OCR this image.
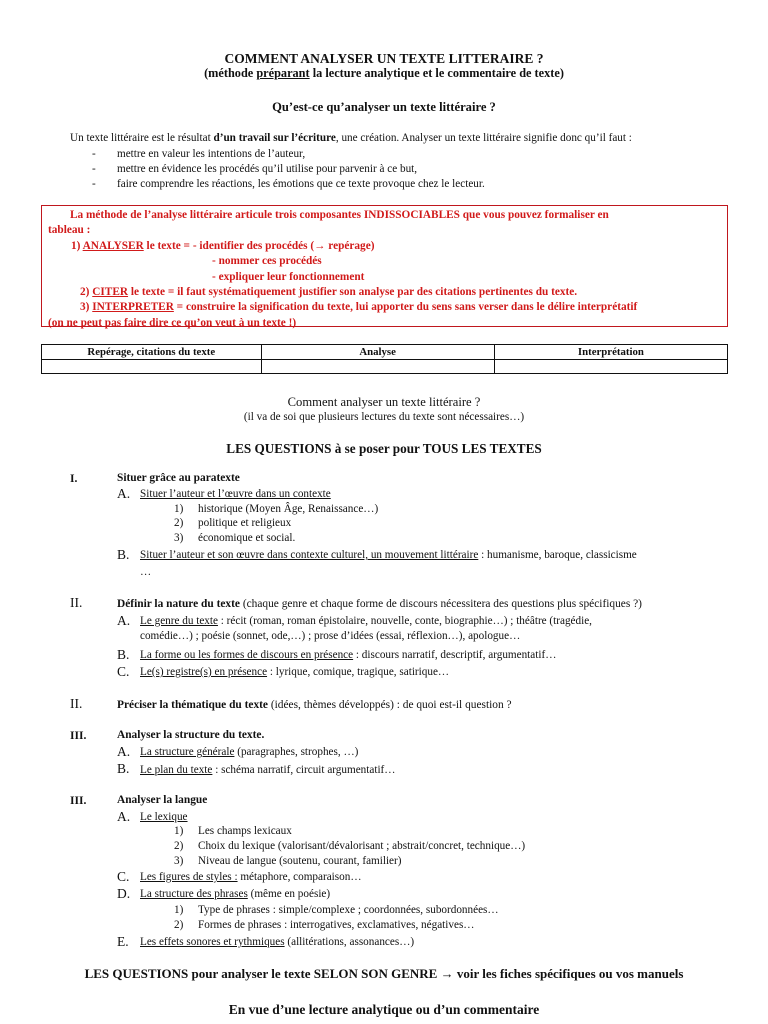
COMMENT ANALYSER UN TEXTE LITTERAIRE ?
(méthode préparant la lecture analytique et le commentaire de texte)
Qu’est-ce qu’analyser un texte littéraire ?
Un texte littéraire est le résultat d’un travail sur l’écriture, une création. Analyser un texte littéraire signifie donc qu’il faut :
- mettre en valeur les intentions de l’auteur,
- mettre en évidence les procédés qu’il utilise pour parvenir à ce but,
- faire comprendre les réactions, les émotions que ce texte provoque chez le lecteur.

La méthode de l’analyse littéraire articule trois composantes INDISSOCIABLES que vous pouvez formaliser en

tableau :

1) ANALYSER le texte = - identifier des procédés (→ repérage)

- nommer ces procédés

- expliquer leur fonctionnement

2) CITER le texte = il faut systématiquement justifier son analyse par des citations pertinentes du texte.

3) INTERPRETER = construire la signification du texte, lui apporter du sens sans verser dans le délire interprétatif

(on ne peut pas faire dire ce qu’on veut à un texte !)

Repérage, citations du texte	Analyse	Interprétation

Comment analyser un texte littéraire ?
(il va de soi que plusieurs lectures du texte sont nécessaires…)
LES QUESTIONS à se poser pour TOUS LES TEXTES
I.	Situer grâce au paratexte
A. Situer l’auteur et l’œuvre dans un contexte
1) historique (Moyen Âge, Renaissance…)
2) politique et religieux
3) économique et social.
B. Situer l’auteur et son œuvre dans contexte culturel, un mouvement littéraire : humanisme, baroque, classicisme
…
II.	Définir la nature du texte (chaque genre et chaque forme de discours nécessitera des questions plus spécifiques ?)
A. Le genre du texte : récit (roman, roman épistolaire, nouvelle, conte, biographie…) ; théâtre (tragédie,
comédie…) ; poésie (sonnet, ode,…) ; prose d’idées (essai, réflexion…), apologue…
B. La forme ou les formes de discours en présence : discours narratif, descriptif, argumentatif…
C. Le(s) registre(s) en présence : lyrique, comique, tragique, satirique…
II.	Préciser la thématique du texte (idées, thèmes développés) : de quoi est-il question ?
III.	Analyser la structure du texte.
A. La structure générale (paragraphes, strophes, …)
B. Le plan du texte : schéma narratif, circuit argumentatif…
III.	Analyser la langue
A. Le lexique
1) Les champs lexicaux
2) Choix du lexique (valorisant/dévalorisant ; abstrait/concret, technique…)
3) Niveau de langue (soutenu, courant, familier)
C. Les figures de styles : métaphore, comparaison…
D. La structure des phrases (même en poésie)
1) Type de phrases : simple/complexe ; coordonnées, subordonnées…
2) Formes de phrases : interrogatives, exclamatives, négatives…
E. Les effets sonores et rythmiques (allitérations, assonances…)
LES QUESTIONS pour analyser le texte SELON SON GENRE → voir les fiches spécifiques ou vos manuels
En vue d’une lecture analytique ou d’un commentaire
